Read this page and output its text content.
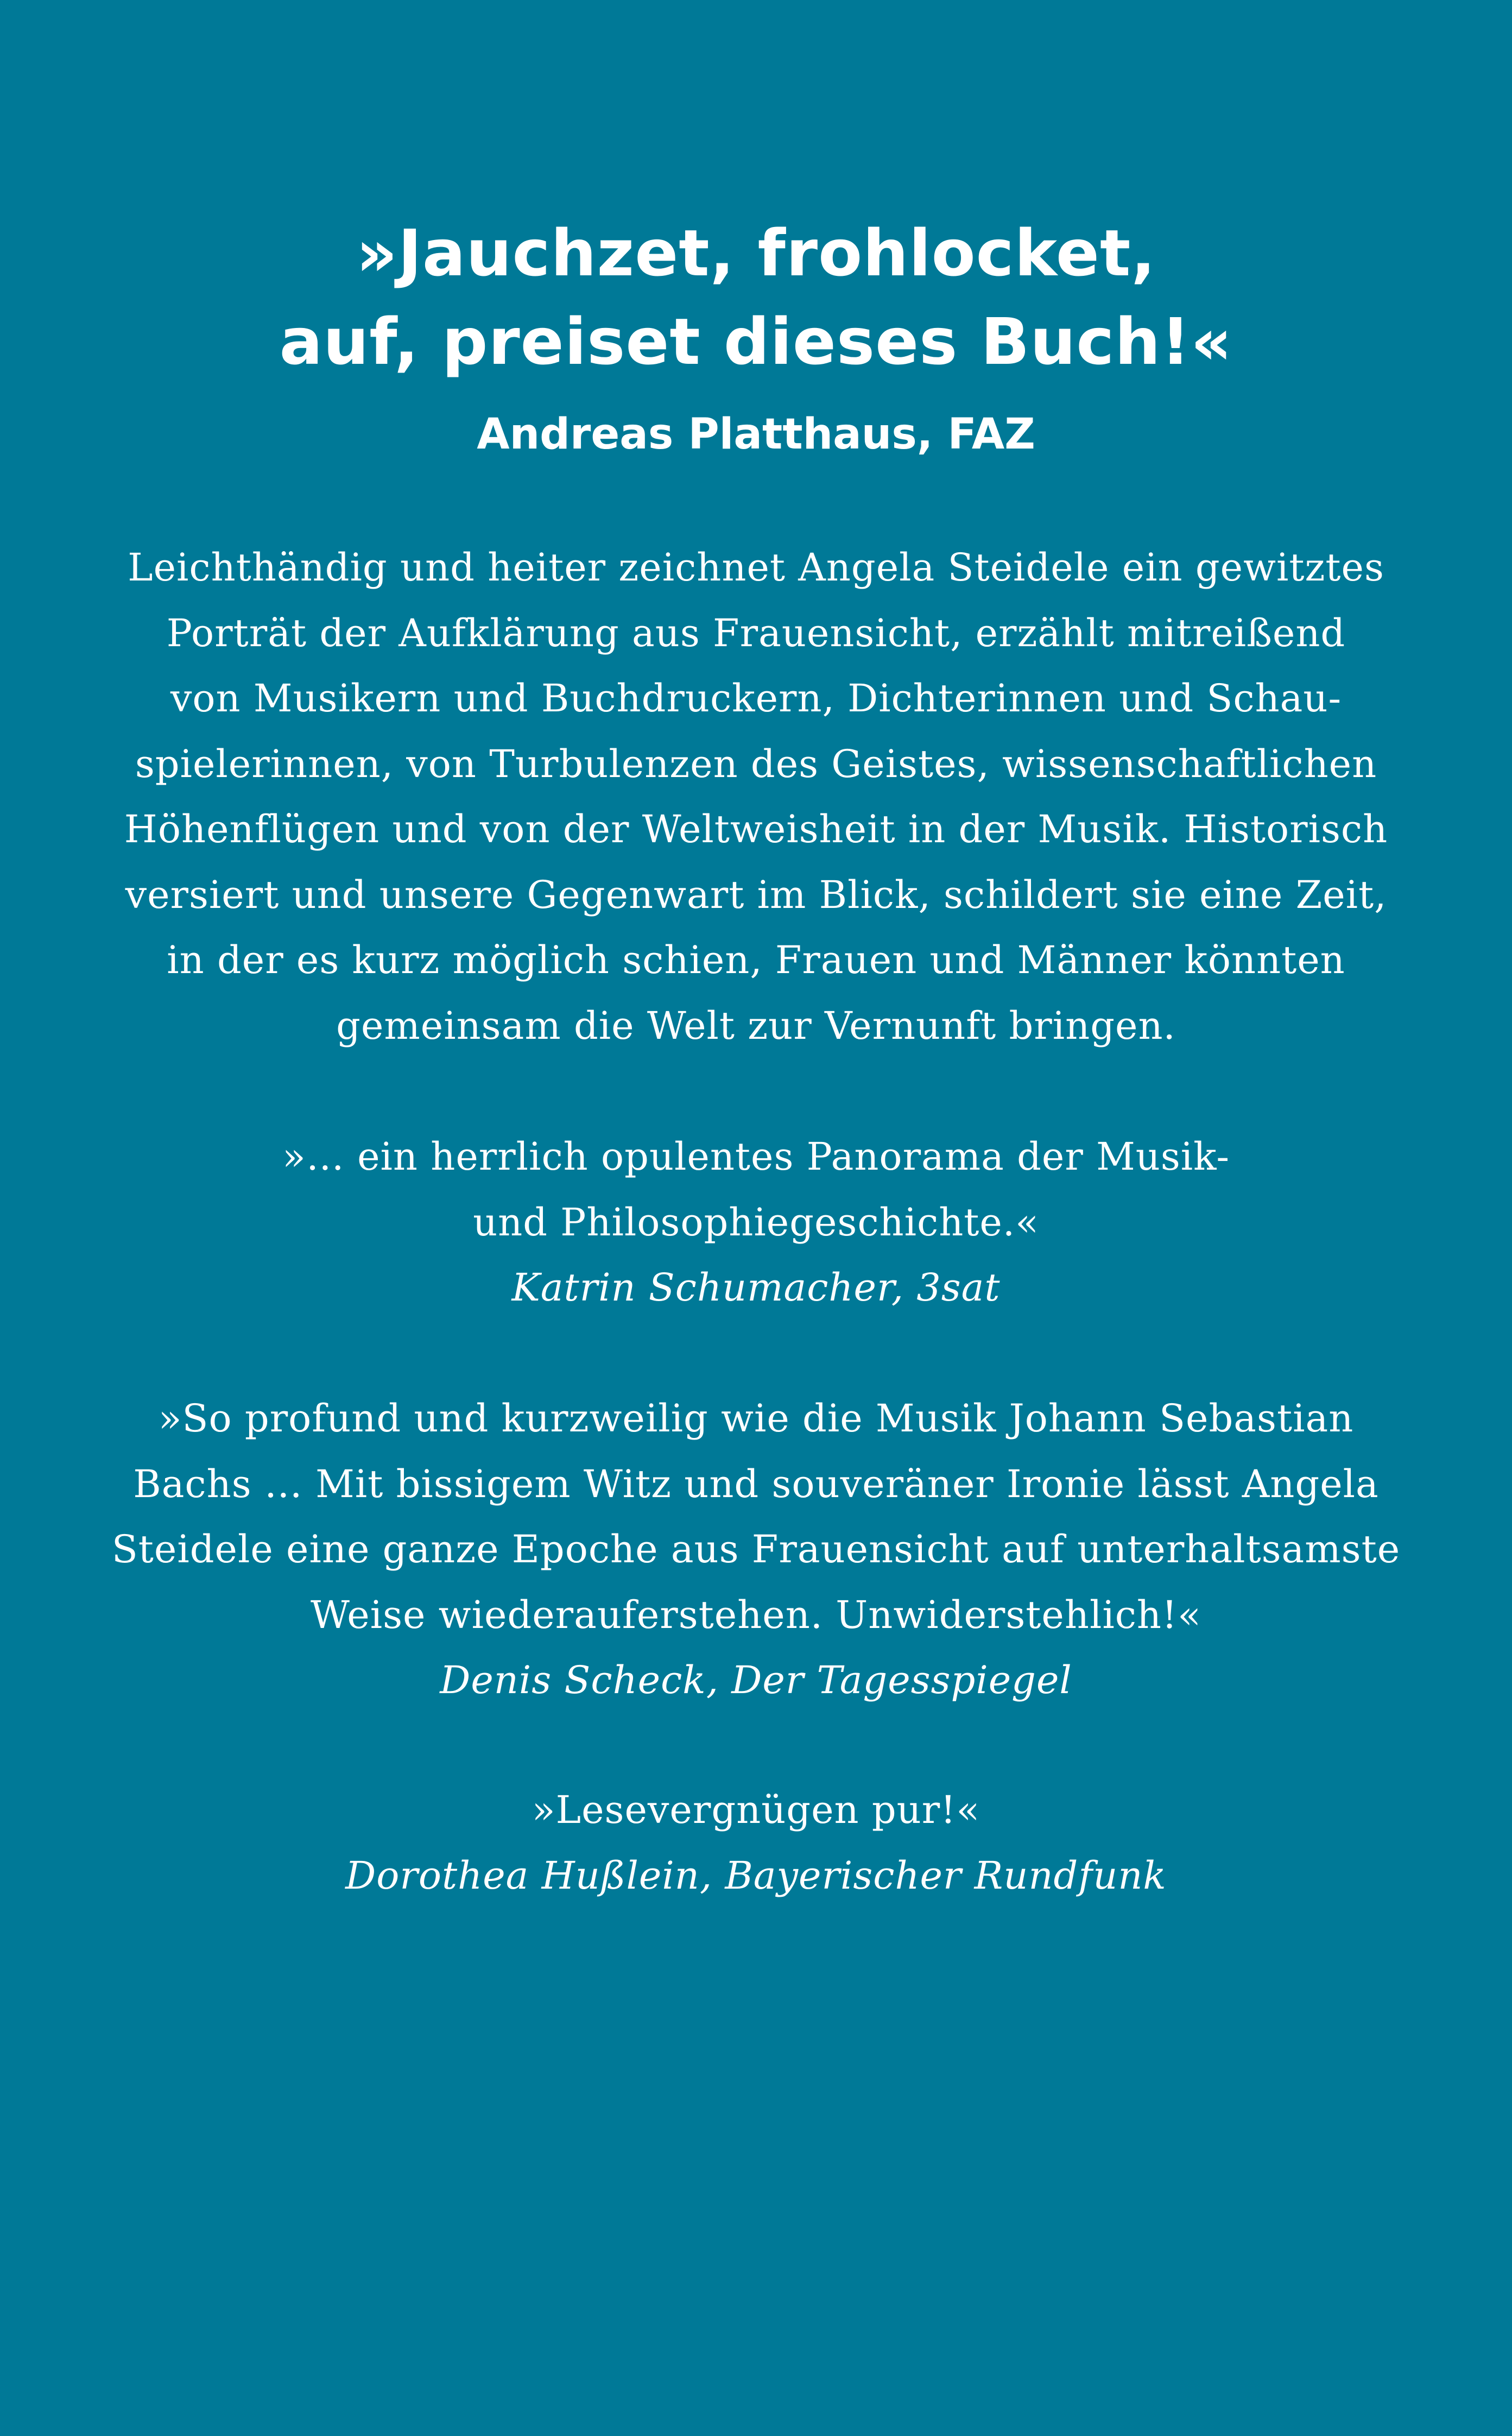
»Jauchzet, frohlocket,
auf, preiset dieses Buch!«
Andreas Platthaus, FAZ
Leichthändig und heiter zeichnet Angela Steidele ein gewitztes
Porträt der Aufklärung aus Frauensicht, erzählt mitreißend
von Musikern und Buchdruckern, Dichterinnen und Schau-
spielerinnen, von Turbulenzen des Geistes, wissenschaftlichen
Höhenflügen und von der Weltweisheit in der Musik. Historisch
versiert und unsere Gegenwart im Blick, schildert sie eine Zeit,
in der es kurz möglich schien, Frauen und Männer könnten
gemeinsam die Welt zur Vernunft bringen.
»… ein herrlich opulentes Panorama der Musik-
und Philosophiegeschichte.«
Katrin Schumacher, 3sat
»So profund und kurzweilig wie die Musik Johann Sebastian
Bachs … Mit bissigem Witz und souveräner Ironie lässt Angela
Steidele eine ganze Epoche aus Frauensicht auf unterhaltsamste
Weise wiederauferstehen. Unwiderstehlich!«
Denis Scheck, Der Tagesspiegel
»Lesevergnügen pur!«
Dorothea Hußlein, Bayerischer Rundfunk
